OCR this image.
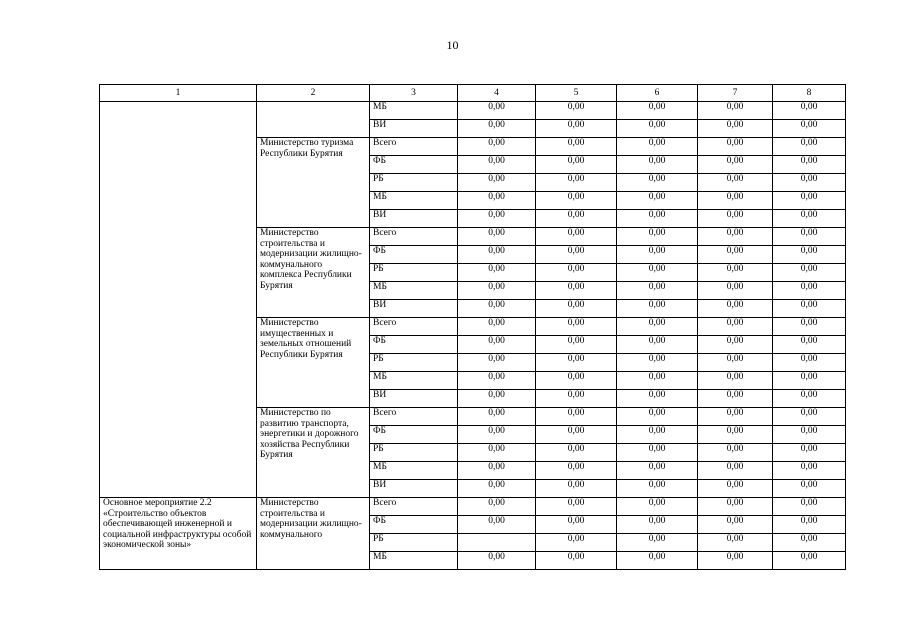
10
1	2	3	4	5	6	7	8
		МБ	0,00	0,00	0,00	0,00	0,00
		ВИ	0,00	0,00	0,00	0,00	0,00
	Министерство туризма Республики Бурятия	Всего	0,00	0,00	0,00	0,00	0,00
		ФБ	0,00	0,00	0,00	0,00	0,00
		РБ	0,00	0,00	0,00	0,00	0,00
		МБ	0,00	0,00	0,00	0,00	0,00
		ВИ	0,00	0,00	0,00	0,00	0,00
	Министерство строительства и модернизации жилищно-коммунального комплекса Республики Бурятия	Всего	0,00	0,00	0,00	0,00	0,00
		ФБ	0,00	0,00	0,00	0,00	0,00
		РБ	0,00	0,00	0,00	0,00	0,00
		МБ	0,00	0,00	0,00	0,00	0,00
		ВИ	0,00	0,00	0,00	0,00	0,00
	Министерство имущественных и земельных отношений Республики Бурятия	Всего	0,00	0,00	0,00	0,00	0,00
		ФБ	0,00	0,00	0,00	0,00	0,00
		РБ	0,00	0,00	0,00	0,00	0,00
		МБ	0,00	0,00	0,00	0,00	0,00
		ВИ	0,00	0,00	0,00	0,00	0,00
	Министерство по развитию транспорта, энергетики и дорожного хозяйства Республики Бурятия	Всего	0,00	0,00	0,00	0,00	0,00
		ФБ	0,00	0,00	0,00	0,00	0,00
		РБ	0,00	0,00	0,00	0,00	0,00
		МБ	0,00	0,00	0,00	0,00	0,00
		ВИ	0,00	0,00	0,00	0,00	0,00
Основное мероприятие 2.2 «Строительство объектов обеспечивающей инженерной и социальной инфраструктуры особой экономической зоны»	Министерство строительства и модернизации жилищно-коммунального	Всего	0,00	0,00	0,00	0,00	0,00
		ФБ	0,00	0,00	0,00	0,00	0,00
		РБ		0,00	0,00	0,00	0,00
		МБ	0,00	0,00	0,00	0,00	0,00
